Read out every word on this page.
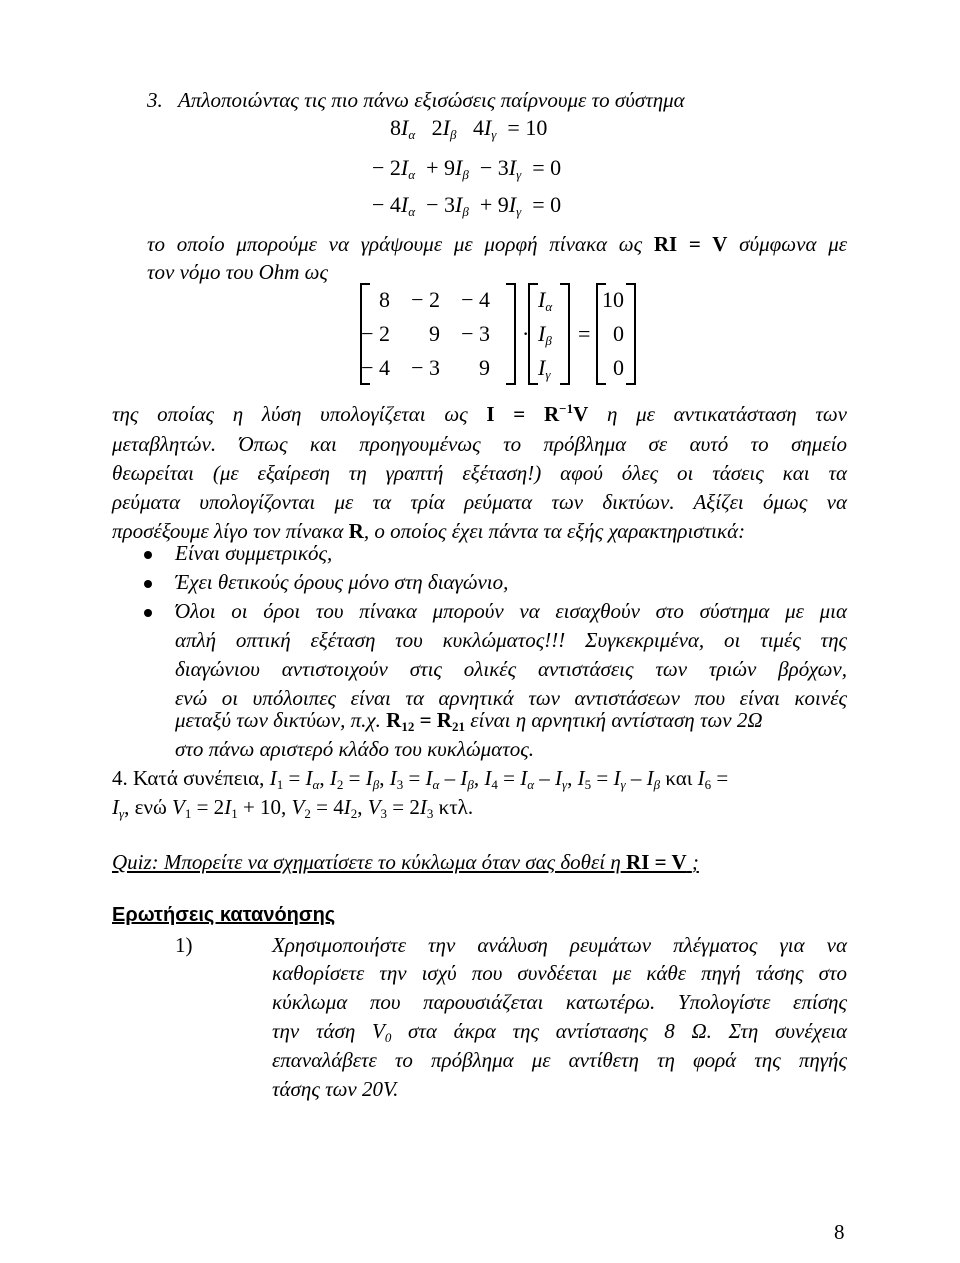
3. Απλοποιώντας τις πιο πάνω εξισώσεις παίρνουμε το σύστημα
$8I_\alpha$ $2I_\beta$ $4I_\gamma = 10$
− $2I_\alpha + 9I_\beta - 3I_\gamma = 0$
− $4I_\alpha - 3I_\beta + 9I_\gamma = 0$
το οποίο μπορούμε να γράψουμε με μορφή πίνακα ως RI = V σύμφωνα με
τον νόμο του Ohm ως
8 − 2 − 4
− 2	9 − 3
− 4 − 3	9
·
$I_\alpha$
$I_\beta$
$I_\gamma$
=
10
0
0
της οποίας η λύση υπολογίζεται ως $I = R^{-1}V$ η με αντικατάσταση των
μεταβλητών. Όπως και προηγουμένως το πρόβλημα σε αυτό το σημείο
θεωρείται (με εξαίρεση τη γραπτή εξέταση!) αφού όλες οι τάσεις και τα
ρεύματα υπολογίζονται με τα τρία ρεύματα των δικτύων. Αξίζει όμως να
προσέξουμε λίγο τον πίνακα R, ο οποίος έχει πάντα τα εξής χαρακτηριστικά:
Είναι συμμετρικός,
Έχει θετικούς όρους μόνο στη διαγώνιο,
Όλοι οι όροι του πίνακα μπορούν να εισαχθούν στο σύστημα με μια
απλή οπτική εξέταση του κυκλώματος!!! Συγκεκριμένα, οι τιμές της
διαγώνιου αντιστοιχούν στις ολικές αντιστάσεις των τριών βρόχων,
ενώ οι υπόλοιπες είναι τα αρνητικά των αντιστάσεων που είναι κοινές
μεταξύ των δικτύων, π.χ. $R_{12} = R_{21}$ είναι η αρνητική αντίσταση των 2Ω
στο πάνω αριστερό κλάδο του κυκλώματος.
4. Κατά συνέπεια, $I_1 = I_\alpha$, $I_2 = I_\beta$, $I_3 = I_\alpha - I_\beta$, $I_4 = I_\alpha - I_\gamma$, $I_5 = I_\gamma - I_\beta$ και $I_6$ =
$I_\gamma$, ενώ $V_1 = 2I_1 + 10$, $V_2 = 4I_2$, $V_3 = 2I_3$ κτλ.
Quiz: Μπορείτε να σχηματίσετε το κύκλωμα όταν σας δοθεί η RI = V ;
Ερωτήσεις κατανόησης
1)	Χρησιμοποιήστε την ανάλυση ρευμάτων πλέγματος για να
καθορίσετε την ισχύ που συνδέεται με κάθε πηγή τάσης στο
κύκλωμα που παρουσιάζεται κατωτέρω. Υπολογίστε επίσης
την τάση $V_0$ στα άκρα της αντίστασης 8 Ω. Στη συνέχεια
επαναλάβετε το πρόβλημα με αντίθετη τη φορά της πηγής
τάσης των 20V.
8
